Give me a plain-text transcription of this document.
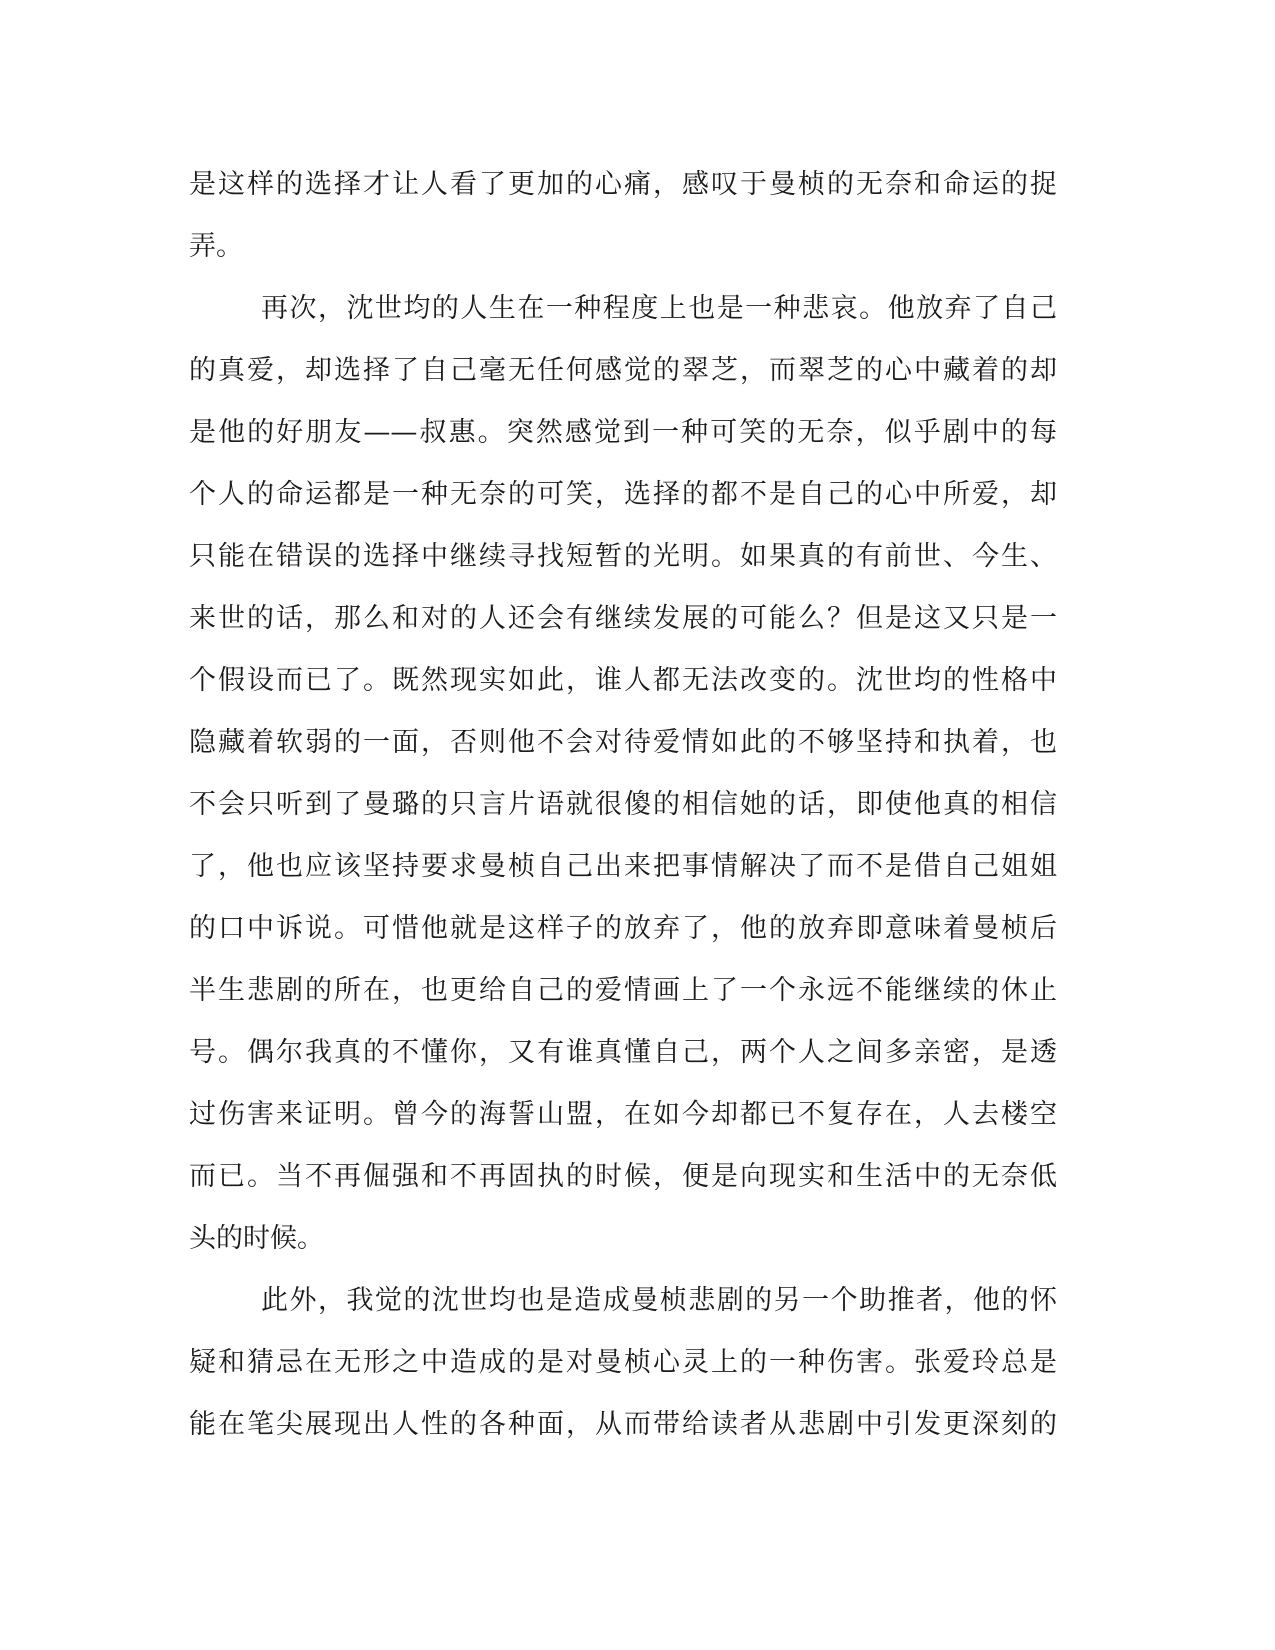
是这样的选择才让人看了更加的心痛，感叹于曼桢的无奈和命运的捉
弄。
再次，沈世均的人生在一种程度上也是一种悲哀。他放弃了自己
的真爱，却选择了自己毫无任何感觉的翠芝，而翠芝的心中藏着的却
是他的好朋友——叔惠。突然感觉到一种可笑的无奈，似乎剧中的每
个人的命运都是一种无奈的可笑，选择的都不是自己的心中所爱，却
只能在错误的选择中继续寻找短暂的光明。如果真的有前世、今生、
来世的话，那么和对的人还会有继续发展的可能么？但是这又只是一
个假设而已了。既然现实如此，谁人都无法改变的。沈世均的性格中
隐藏着软弱的一面，否则他不会对待爱情如此的不够坚持和执着，也
不会只听到了曼璐的只言片语就很傻的相信她的话，即使他真的相信
了，他也应该坚持要求曼桢自己出来把事情解决了而不是借自己姐姐
的口中诉说。可惜他就是这样子的放弃了，他的放弃即意味着曼桢后
半生悲剧的所在，也更给自己的爱情画上了一个永远不能继续的休止
号。偶尔我真的不懂你，又有谁真懂自己，两个人之间多亲密，是透
过伤害来证明。曾今的海誓山盟，在如今却都已不复存在，人去楼空
而已。当不再倔强和不再固执的时候，便是向现实和生活中的无奈低
头的时候。
此外，我觉的沈世均也是造成曼桢悲剧的另一个助推者，他的怀
疑和猜忌在无形之中造成的是对曼桢心灵上的一种伤害。张爱玲总是
能在笔尖展现出人性的各种面，从而带给读者从悲剧中引发更深刻的
